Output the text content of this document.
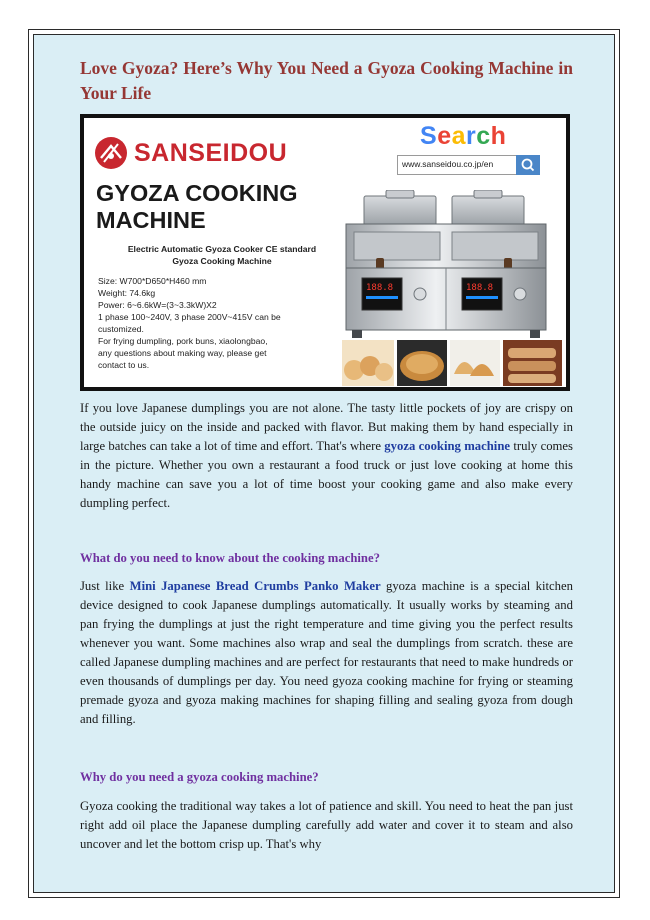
Love Gyoza? Here’s Why You Need a Gyoza Cooking Machine in Your Life
SANSEIDOU
Search
www.sanseidou.co.jp/en
GYOZA COOKING
MACHINE
Electric Automatic Gyoza Cooker CE standard
Gyoza Cooking Machine
Size: W700*D650*H460 mm
Weight: 74.6kg
Power: 6~6.6kW=(3~3.3kW)X2
1 phase 100~240V, 3 phase 200V~415V can be
customized.
For frying dumpling, pork buns, xiaolongbao,
any questions about making way, please get
contact to us.
188.8	188.8

If you love Japanese dumplings you are not alone. The tasty little pockets of joy are crispy on the outside juicy on the inside and packed with flavor. But making them by hand especially in large batches can take a lot of time and effort. That's where gyoza cooking machine truly comes in the picture. Whether you own a restaurant a food truck or just love cooking at home this handy machine can save you a lot of time boost your cooking game and also make every dumpling perfect.

What do you need to know about the cooking machine?

Just like Mini Japanese Bread Crumbs Panko Maker gyoza machine is a special kitchen device designed to cook Japanese dumplings automatically. It usually works by steaming and pan frying the dumplings at just the right temperature and time giving you the perfect results whenever you want. Some machines also wrap and seal the dumplings from scratch. these are called Japanese dumpling machines and are perfect for restaurants that need to make hundreds or even thousands of dumplings per day. You need gyoza cooking machine for frying or steaming premade gyoza and gyoza making machines for shaping filling and sealing gyoza from dough and filling.

Why do you need a gyoza cooking machine?

Gyoza cooking the traditional way takes a lot of patience and skill. You need to heat the pan just right add oil place the Japanese dumpling carefully add water and cover it to steam and also uncover and let the bottom crisp up. That's why
